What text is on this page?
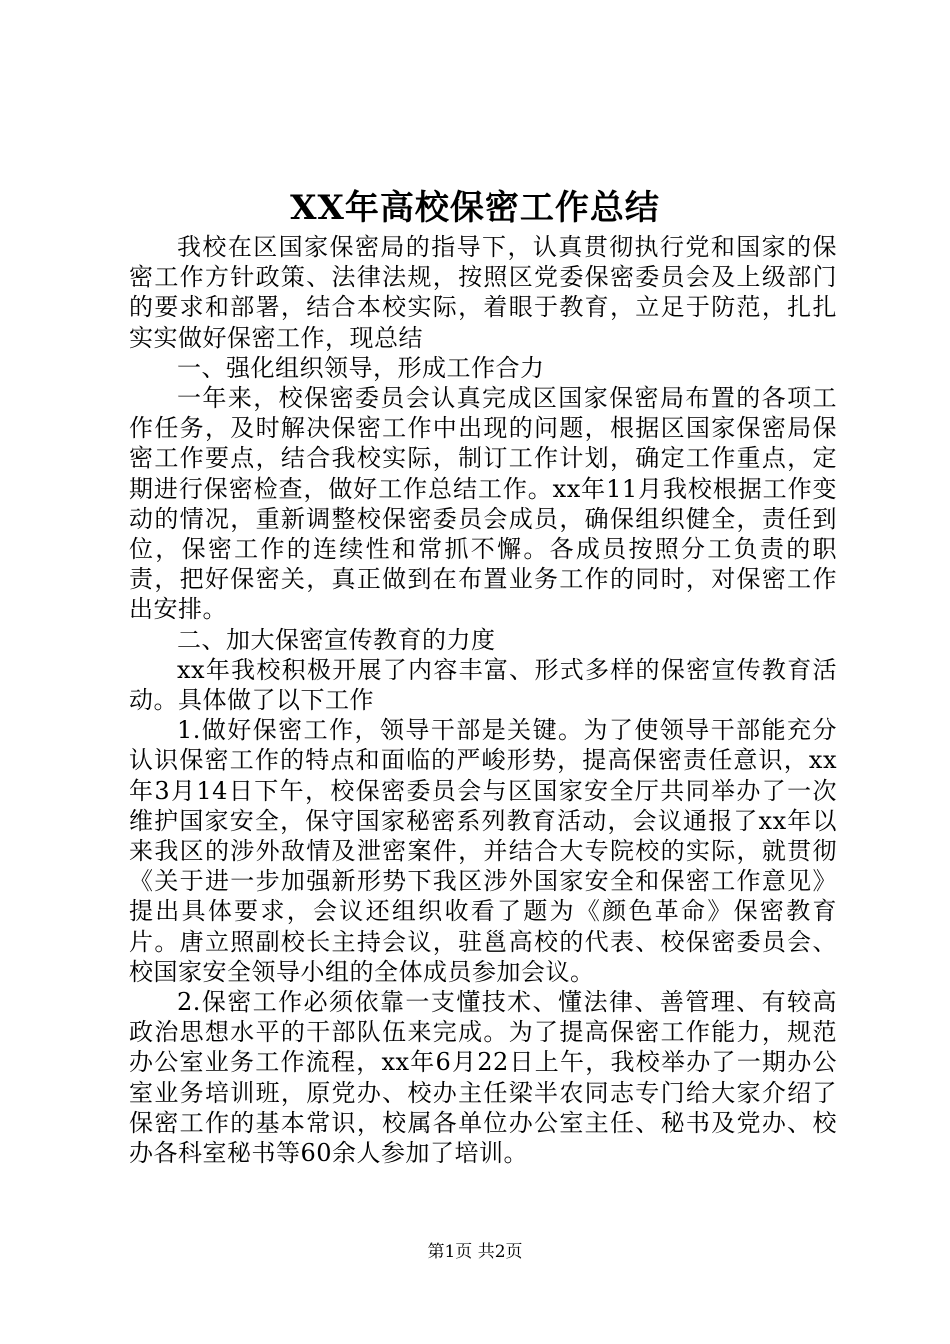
XX年高校保密工作总结

我校在区国家保密局的指导下，认真贯彻执行党和国家的保密工作方针政策、法律法规，按照区党委保密委员会及上级部门的要求和部署，结合本校实际，着眼于教育，立足于防范，扎扎实实做好保密工作，现总结

一、强化组织领导，形成工作合力

一年来，校保密委员会认真完成区国家保密局布置的各项工作任务，及时解决保密工作中出现的问题，根据区国家保密局保密工作要点，结合我校实际，制订工作计划，确定工作重点，定期进行保密检查，做好工作总结工作。xx年11月我校根据工作变动的情况，重新调整校保密委员会成员，确保组织健全，责任到位，保密工作的连续性和常抓不懈。各成员按照分工负责的职责，把好保密关，真正做到在布置业务工作的同时，对保密工作出安排。

二、加大保密宣传教育的力度

xx年我校积极开展了内容丰富、形式多样的保密宣传教育活动。具体做了以下工作

1.做好保密工作，领导干部是关键。为了使领导干部能充分认识保密工作的特点和面临的严峻形势，提高保密责任意识，xx年3月14日下午，校保密委员会与区国家安全厅共同举办了一次维护国家安全，保守国家秘密系列教育活动，会议通报了xx年以来我区的涉外敌情及泄密案件，并结合大专院校的实际，就贯彻《关于进一步加强新形势下我区涉外国家安全和保密工作意见》提出具体要求，会议还组织收看了题为《颜色革命》保密教育片。唐立照副校长主持会议，驻邕高校的代表、校保密委员会、校国家安全领导小组的全体成员参加会议。

2.保密工作必须依靠一支懂技术、懂法律、善管理、有较高政治思想水平的干部队伍来完成。为了提高保密工作能力，规范办公室业务工作流程，xx年6月22日上午，我校举办了一期办公室业务培训班，原党办、校办主任梁半农同志专门给大家介绍了保密工作的基本常识，校属各单位办公室主任、秘书及党办、校办各科室秘书等60余人参加了培训。

第1页 共2页
